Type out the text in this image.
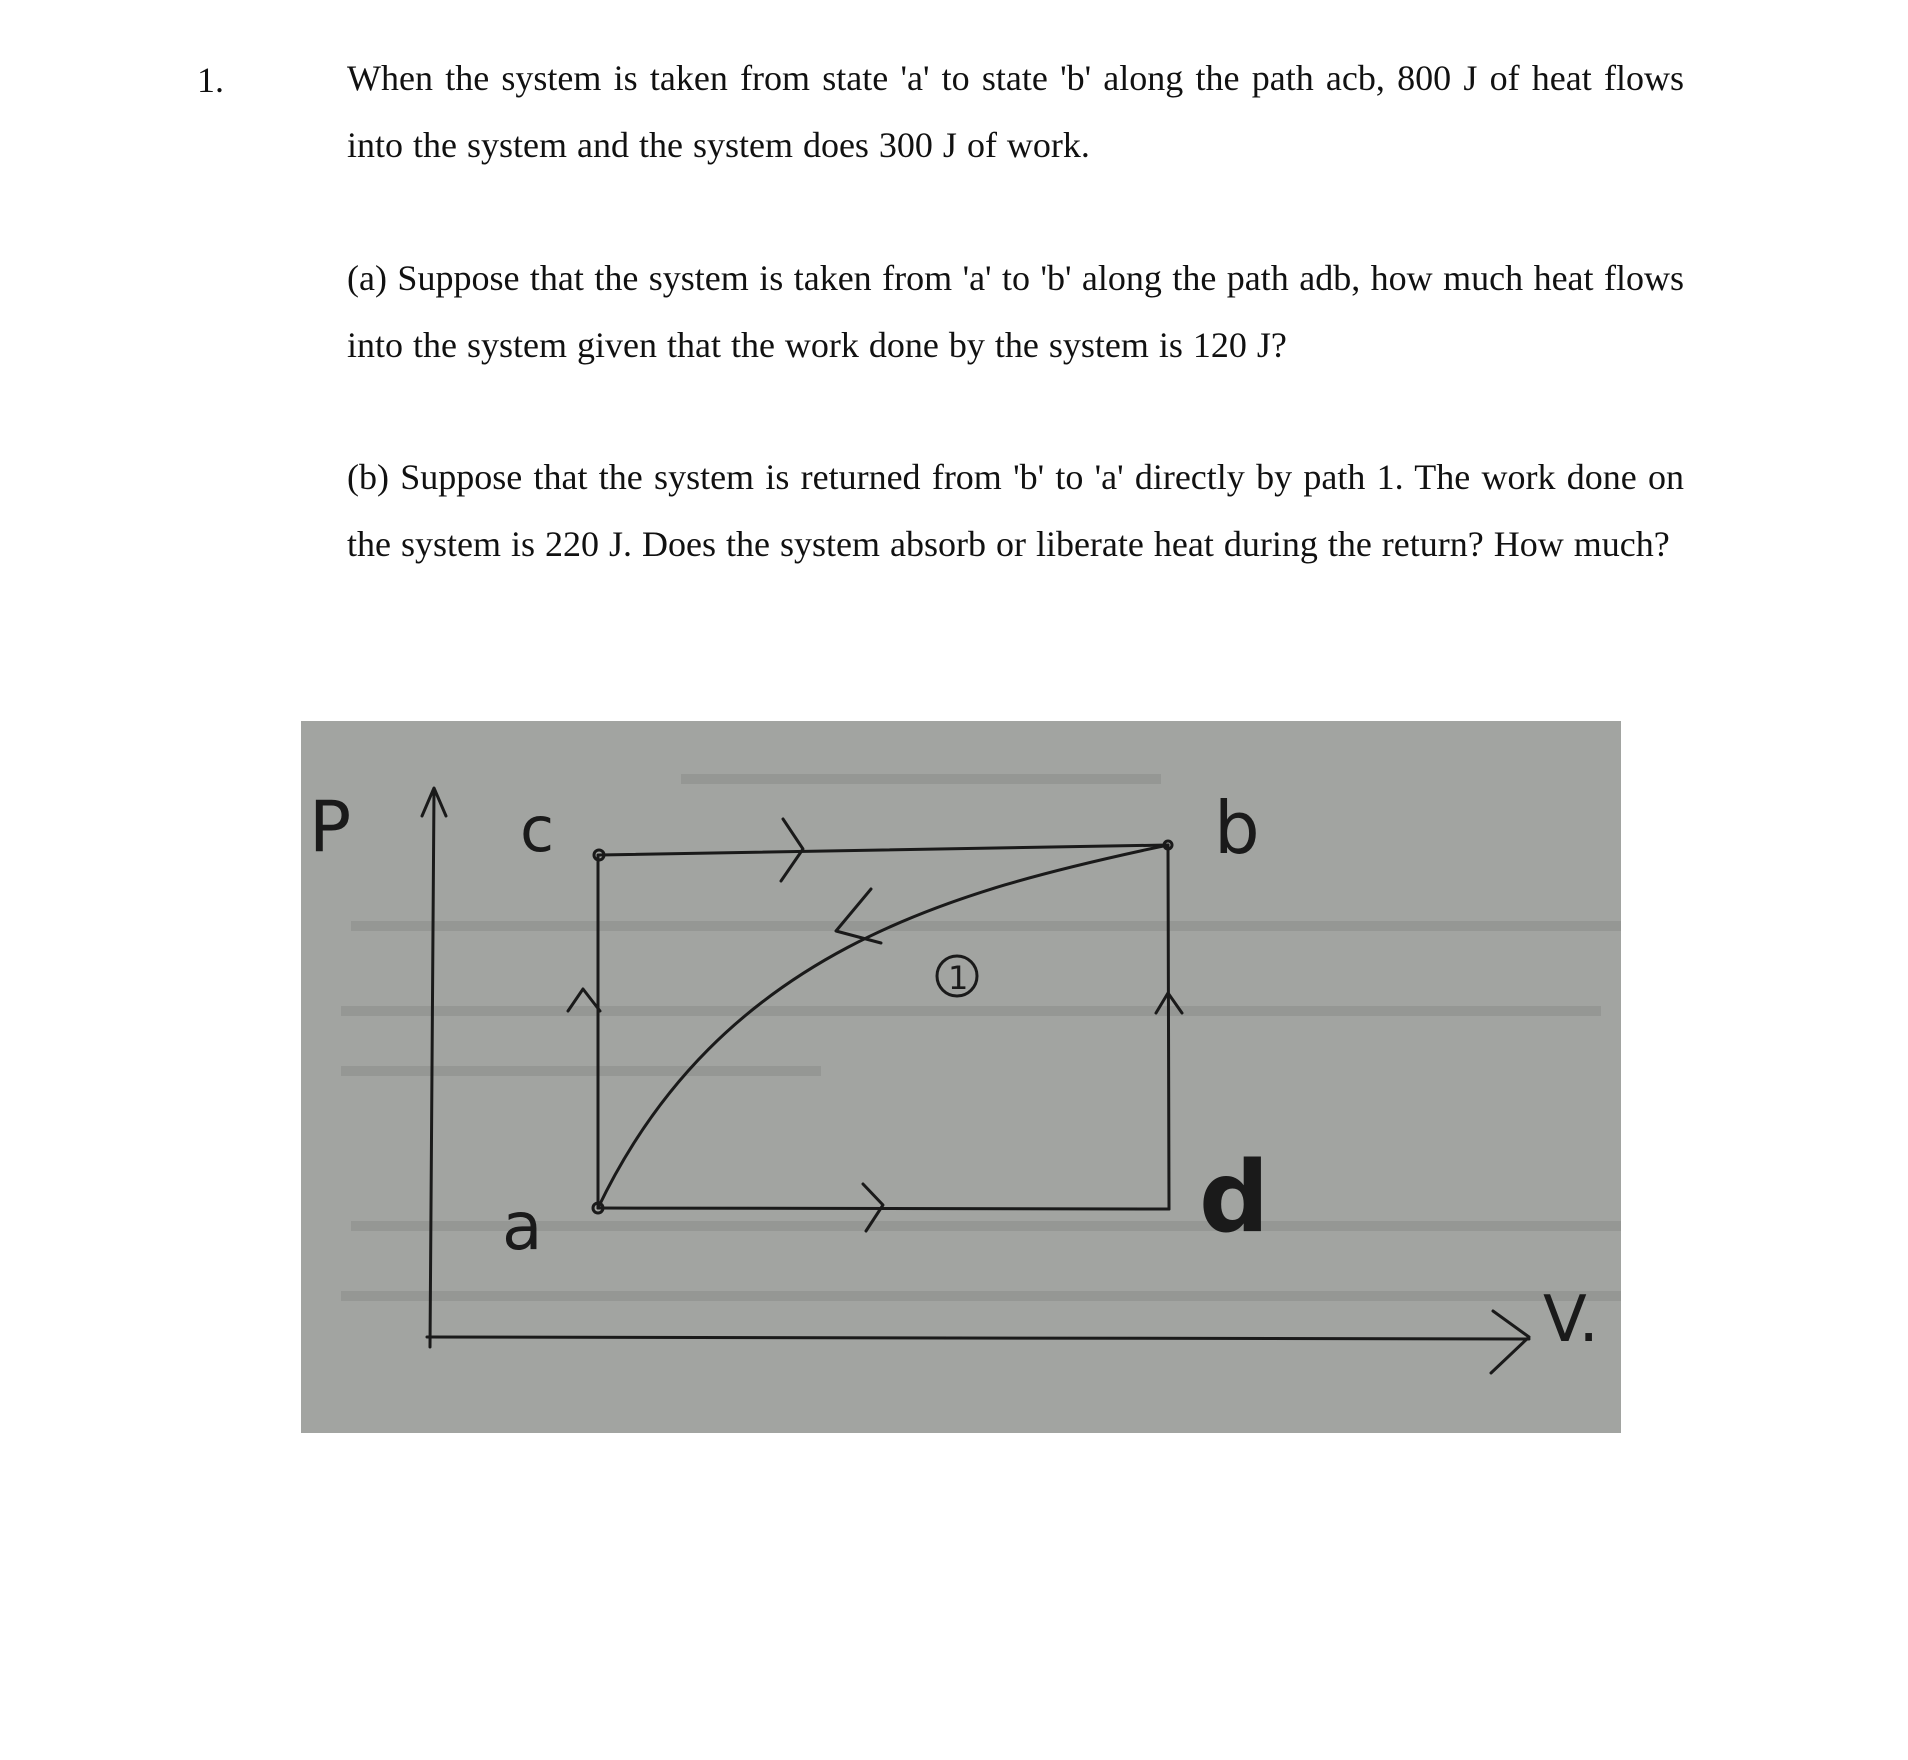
1.	When the system is taken from state 'a' to state 'b' along the path acb, 800 J of heat flows into the system and the system does 300 J of work.
(a) Suppose that the system is taken from 'a' to 'b' along the path adb, how much heat flows into the system given that the work done by the system is 120 J?
(b) Suppose that the system is returned from 'b' to 'a' directly by path 1. The work done on the system is 220 J. Does the system absorb or liberate heat during the return? How much?
P	c	b
a	d
1
V.
